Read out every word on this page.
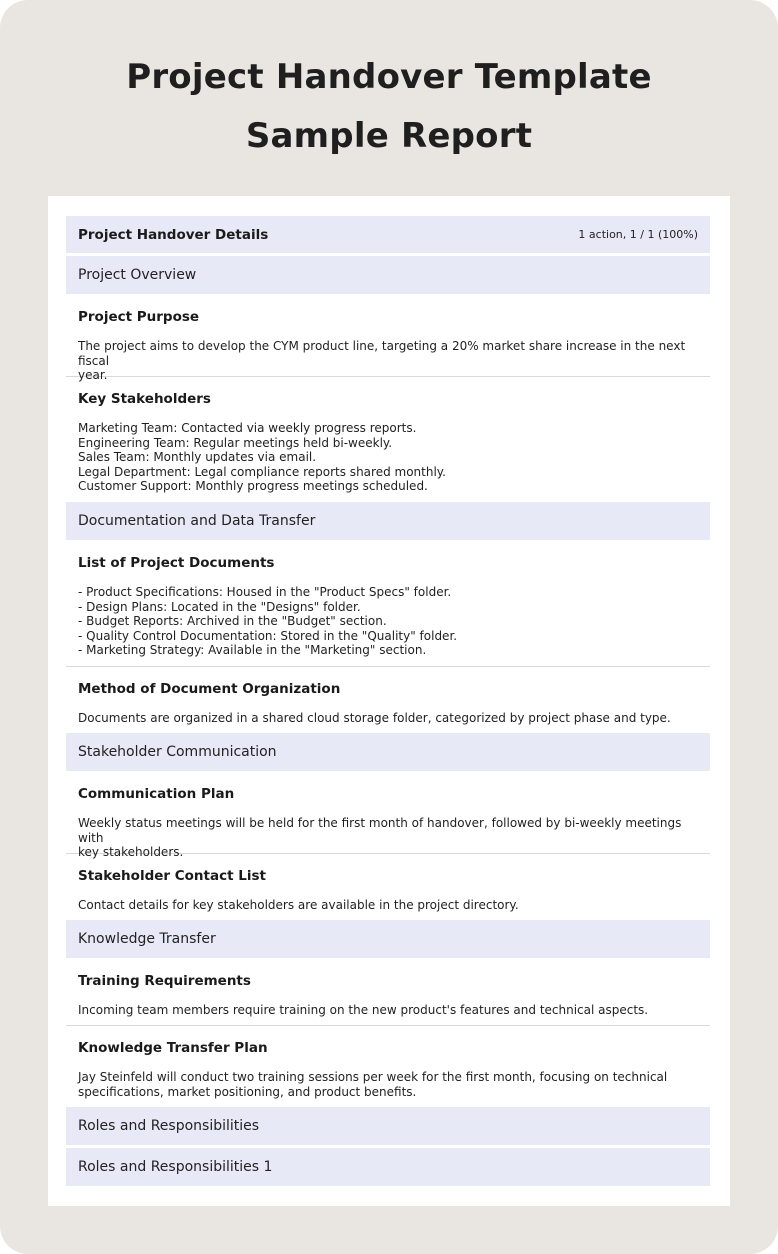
Project Handover Template
Sample Report
Project Handover Details	1 action, 1 / 1 (100%)
Project Overview
Project Purpose
The project aims to develop the CYM product line, targeting a 20% market share increase in the next fiscal
year.
Key Stakeholders
Marketing Team: Contacted via weekly progress reports.
Engineering Team: Regular meetings held bi-weekly.
Sales Team: Monthly updates via email.
Legal Department: Legal compliance reports shared monthly.
Customer Support: Monthly progress meetings scheduled.
Documentation and Data Transfer
List of Project Documents
- Product Specifications: Housed in the "Product Specs" folder.
- Design Plans: Located in the "Designs" folder.
- Budget Reports: Archived in the "Budget" section.
- Quality Control Documentation: Stored in the "Quality" folder.
- Marketing Strategy: Available in the "Marketing" section.
Method of Document Organization
Documents are organized in a shared cloud storage folder, categorized by project phase and type.
Stakeholder Communication
Communication Plan
Weekly status meetings will be held for the first month of handover, followed by bi-weekly meetings with
key stakeholders.
Stakeholder Contact List
Contact details for key stakeholders are available in the project directory.
Knowledge Transfer
Training Requirements
Incoming team members require training on the new product's features and technical aspects.
Knowledge Transfer Plan
Jay Steinfeld will conduct two training sessions per week for the first month, focusing on technical
specifications, market positioning, and product benefits.
Roles and Responsibilities
Roles and Responsibilities 1
